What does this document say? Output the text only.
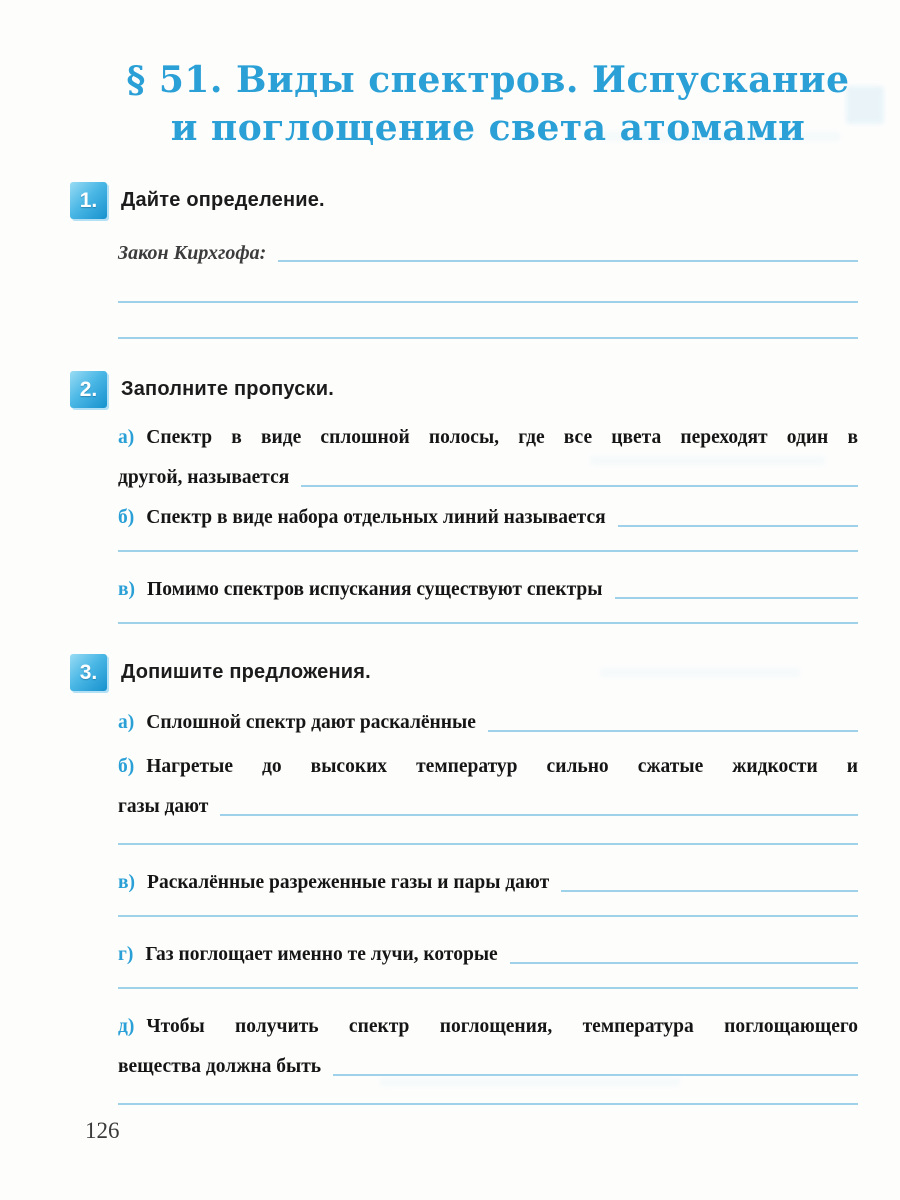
§ 51. Виды спектров. Испускание
и поглощение света атомами
1.	Дайте определение.
Закон Кирхгофа:
2.	Заполните пропуски.
а) Спектр в виде сплошной полосы, где все цвета переходят один в
другой, называется
б) Спектр в виде набора отдельных линий называется
в) Помимо спектров испускания существуют спектры
3.	Допишите предложения.
а) Сплошной спектр дают раскалённые
б) Нагретые до высоких температур сильно сжатые жидкости и
газы дают
в) Раскалённые разреженные газы и пары дают
г) Газ поглощает именно те лучи, которые
д) Чтобы получить спектр поглощения, температура поглощающего
вещества должна быть
126
